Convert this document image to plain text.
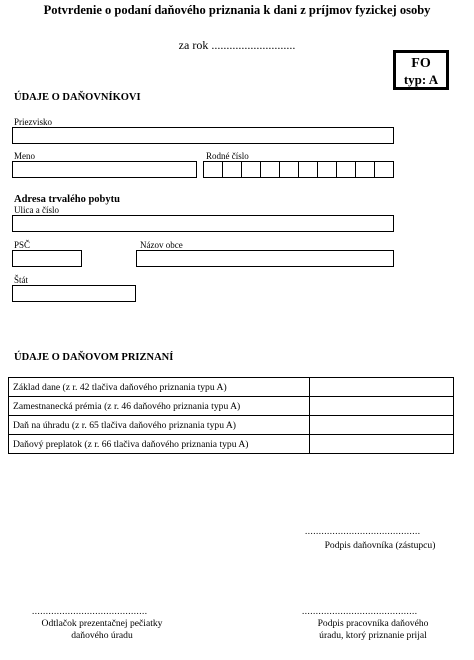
Potvrdenie o podaní daňového priznania k dani z príjmov fyzickej osoby
za rok ............................
FO
typ: A
ÚDAJE O DAŇOVNÍKOVI
Priezvisko
Meno	Rodné číslo
Adresa trvalého pobytu
Ulica a číslo
PSČ	Názov obce
Štát
ÚDAJE O DAŇOVOM PRIZNANÍ
Základ dane (z r. 42 tlačiva daňového priznania typu A)	
Zamestnanecká prémia (z r. 46 daňového priznania typu A)	
Daň na úhradu (z r. 65 tlačiva daňového priznania typu A)	
Daňový preplatok (z r. 66 tlačiva daňového priznania typu A)	
..........................................
Podpis daňovníka (zástupcu)
..........................................
Odtlačok prezentačnej pečiatky
daňového úradu
..........................................
Podpis pracovníka daňového
úradu, ktorý priznanie prijal
